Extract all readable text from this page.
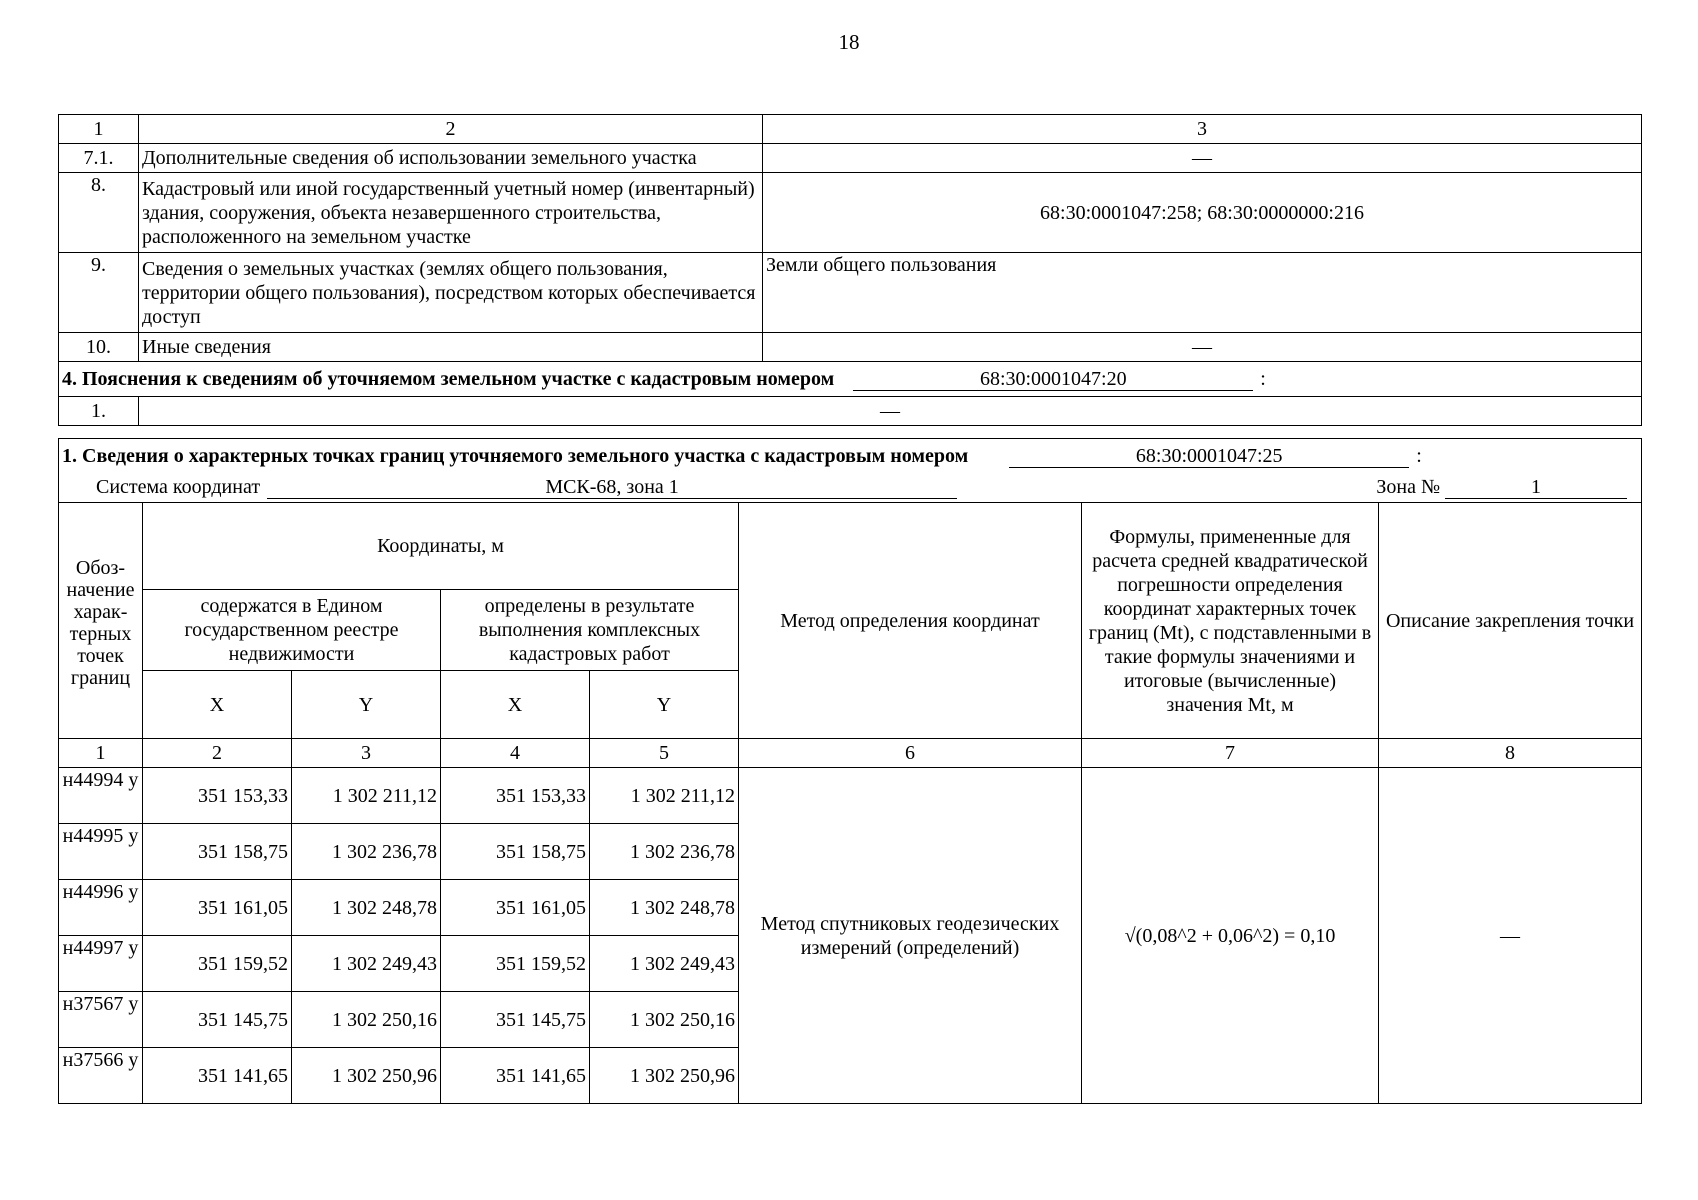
18
1	2	3
7.1.	Дополнительные сведения об использовании земельного участка	—
8.	Кадастровый или иной государственный учетный номер (инвентарный) здания, сооружения, объекта незавершенного строительства, расположенного на земельном участке	68:30:0001047:258; 68:30:0000000:216
9.	Сведения о земельных участках (землях общего пользования, территории общего пользования), посредством которых обеспечивается доступ	Земли общего пользования
10.	Иные сведения	—
4. Пояснения к сведениям об уточняемом земельном участке с кадастровым номером 68:30:0001047:20 :		
1.	—	
1. Сведения о характерных точках границ уточняемого земельного участка с кадастровым номером 68:30:0001047:25 :							
Система координат МСК-68, зона 1 Зона № 1							

Обоз-начение харак-терных точек границ	Координаты, м				Метод определения координат	Формулы, примененные для расчета средней квадратической погрешности определения координат характерных точек границ (Mt), с подставленными в такие формулы значениями и итоговые (вычисленные) значения Mt, м	Описание закрепления точки
	содержатся в Едином государственном реестре недвижимости		определены в результате выполнения комплексных кадастровых работ				
	X	Y	X	Y			
1	2	3	4	5	6	7	8
н44994 у	351 153,33	1 302 211,12	351 153,33	1 302 211,12	Метод спутниковых геодезических измерений (определений)	√(0,08^2 + 0,06^2) = 0,10	—
н44995 у	351 158,75	1 302 236,78	351 158,75	1 302 236,78			
н44996 у	351 161,05	1 302 248,78	351 161,05	1 302 248,78			
н44997 у	351 159,52	1 302 249,43	351 159,52	1 302 249,43			
н37567 у	351 145,75	1 302 250,16	351 145,75	1 302 250,16			
н37566 у	351 141,65	1 302 250,96	351 141,65	1 302 250,96			
